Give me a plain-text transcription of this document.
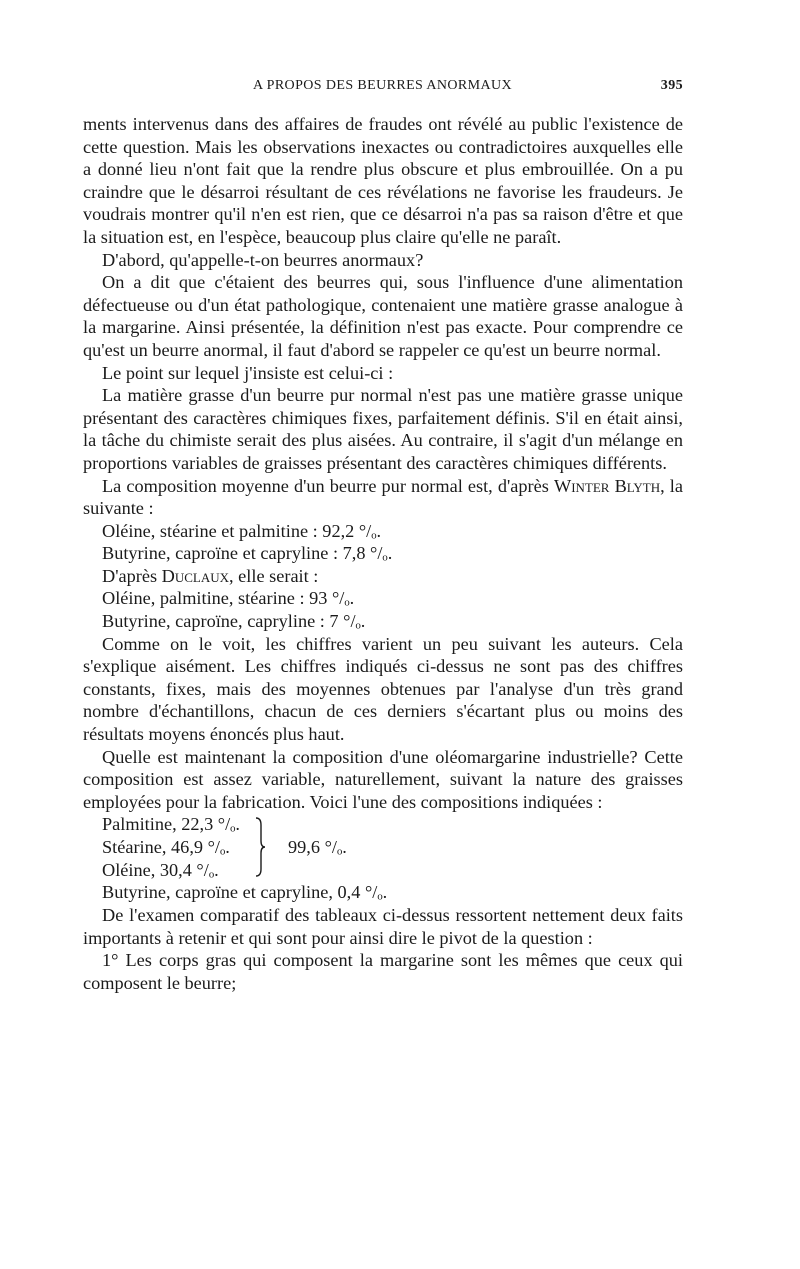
A PROPOS DES BEURRES ANORMAUX	395

ments intervenus dans des affaires de fraudes ont révélé au public l'existence de cette question. Mais les observations inexactes ou contradictoires auxquelles elle a donné lieu n'ont fait que la rendre plus obscure et plus embrouillée. On a pu craindre que le désarroi résultant de ces révélations ne favorise les fraudeurs. Je voudrais montrer qu'il n'en est rien, que ce désarroi n'a pas sa raison d'être et que la situation est, en l'espèce, beaucoup plus claire qu'elle ne paraît.

D'abord, qu'appelle-t-on beurres anormaux?

On a dit que c'étaient des beurres qui, sous l'influence d'une alimentation défectueuse ou d'un état pathologique, contenaient une matière grasse analogue à la margarine. Ainsi présentée, la définition n'est pas exacte. Pour comprendre ce qu'est un beurre anormal, il faut d'abord se rappeler ce qu'est un beurre normal.

Le point sur lequel j'insiste est celui-ci :

La matière grasse d'un beurre pur normal n'est pas une matière grasse unique présentant des caractères chimiques fixes, parfaitement définis. S'il en était ainsi, la tâche du chimiste serait des plus aisées. Au contraire, il s'agit d'un mélange en proportions variables de graisses présentant des caractères chimiques différents.

La composition moyenne d'un beurre pur normal est, d'après Winter Blyth, la suivante :

Oléine, stéarine et palmitine : 92,2 °/ₒ.

Butyrine, caproïne et capryline : 7,8 °/ₒ.

D'après Duclaux, elle serait :

Oléine, palmitine, stéarine : 93 °/ₒ.

Butyrine, caproïne, capryline : 7 °/ₒ.

Comme on le voit, les chiffres varient un peu suivant les auteurs. Cela s'explique aisément. Les chiffres indiqués ci-dessus ne sont pas des chiffres constants, fixes, mais des moyennes obtenues par l'analyse d'un très grand nombre d'échantillons, chacun de ces derniers s'écartant plus ou moins des résultats moyens énoncés plus haut.

Quelle est maintenant la composition d'une oléomargarine industrielle? Cette composition est assez variable, naturellement, suivant la nature des graisses employées pour la fabrication. Voici l'une des compositions indiquées :

Palmitine, 22,3 °/ₒ.
Stéarine, 46,9 °/ₒ.
Oléine, 30,4 °/ₒ.
99,6 °/ₒ.

Butyrine, caproïne et capryline, 0,4 °/ₒ.

De l'examen comparatif des tableaux ci-dessus ressortent nettement deux faits importants à retenir et qui sont pour ainsi dire le pivot de la question :

1° Les corps gras qui composent la margarine sont les mêmes que ceux qui composent le beurre;
